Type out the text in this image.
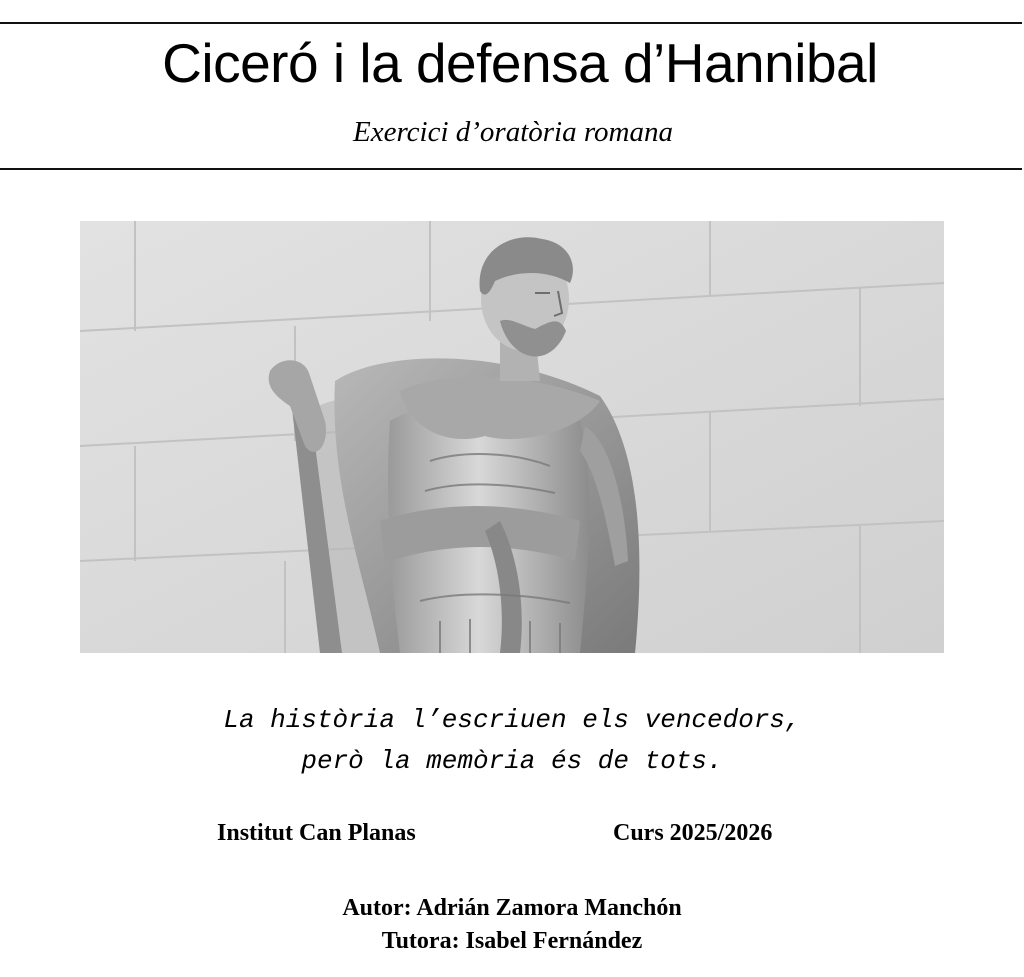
Ciceró i la defensa d’Hannibal
Exercici d’oratòria romana
La història l’escriuen els vencedors,
però la memòria és de tots.
Institut Can Planas	Curs 2025/2026
Autor: Adrián Zamora Manchón
Tutora: Isabel Fernández
